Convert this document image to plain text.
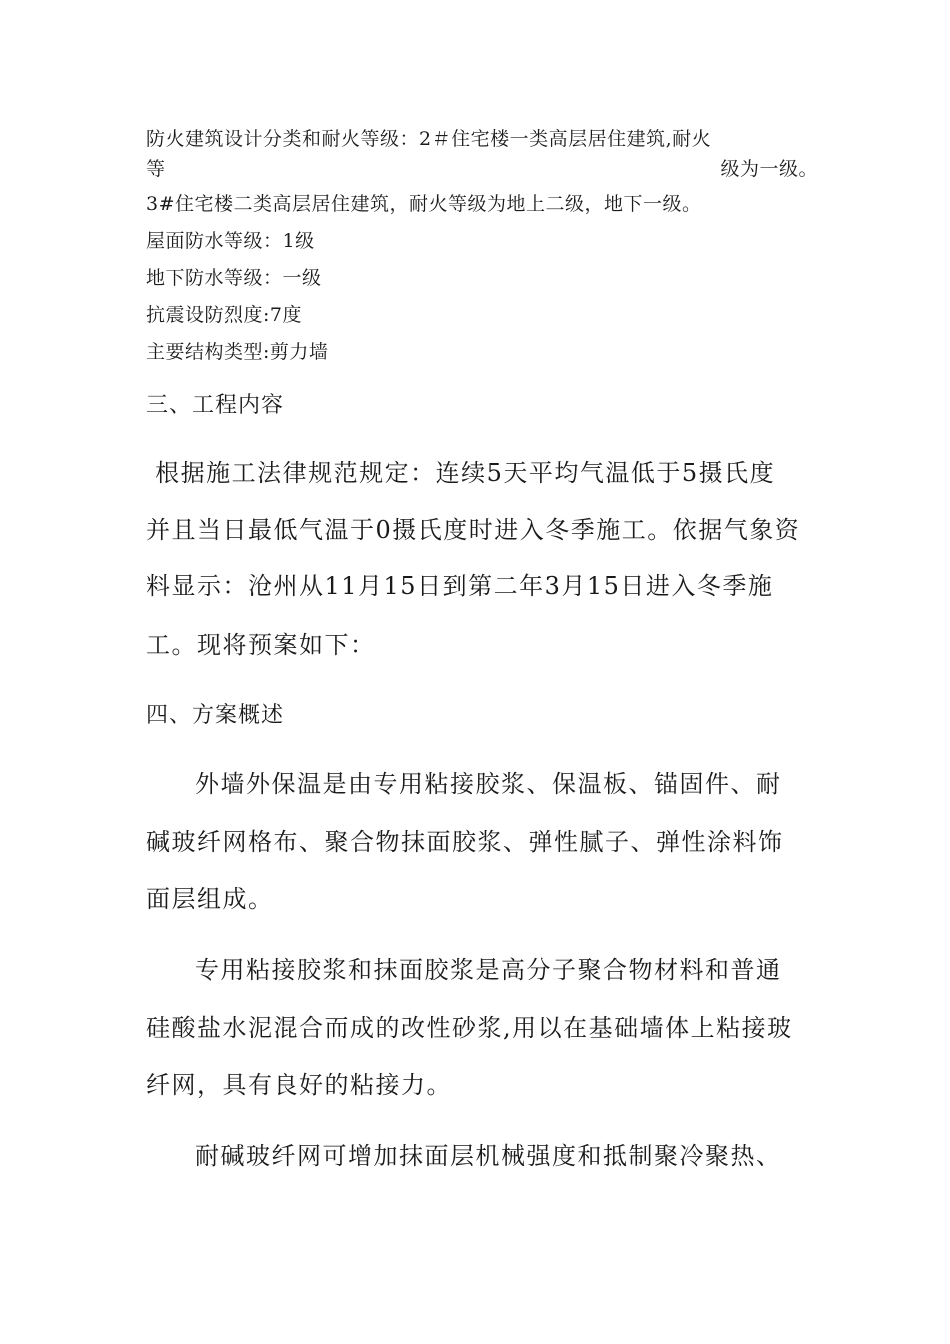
防火建筑设计分类和耐火等级：2＃住宅楼一类高层居住建筑,耐火
等	级为一级。
3#住宅楼二类高层居住建筑，耐火等级为地上二级，地下一级。
屋面防水等级：1级
地下防水等级：一级
抗震设防烈度:7度
主要结构类型:剪力墙
三、工程内容
根据施工法律规范规定：连续5天平均气温低于5摄氏度
并且当日最低气温于0摄氏度时进入冬季施工。依据气象资
料显示：沧州从11月15日到第二年3月15日进入冬季施
工。现将预案如下：
四、方案概述
外墙外保温是由专用粘接胶浆、保温板、锚固件、耐
碱玻纤网格布、聚合物抹面胶浆、弹性腻子、弹性涂料饰
面层组成。
专用粘接胶浆和抹面胶浆是高分子聚合物材料和普通
硅酸盐水泥混合而成的改性砂浆,用以在基础墙体上粘接玻
纤网，具有良好的粘接力。
耐碱玻纤网可增加抹面层机械强度和抵制聚冷聚热、
